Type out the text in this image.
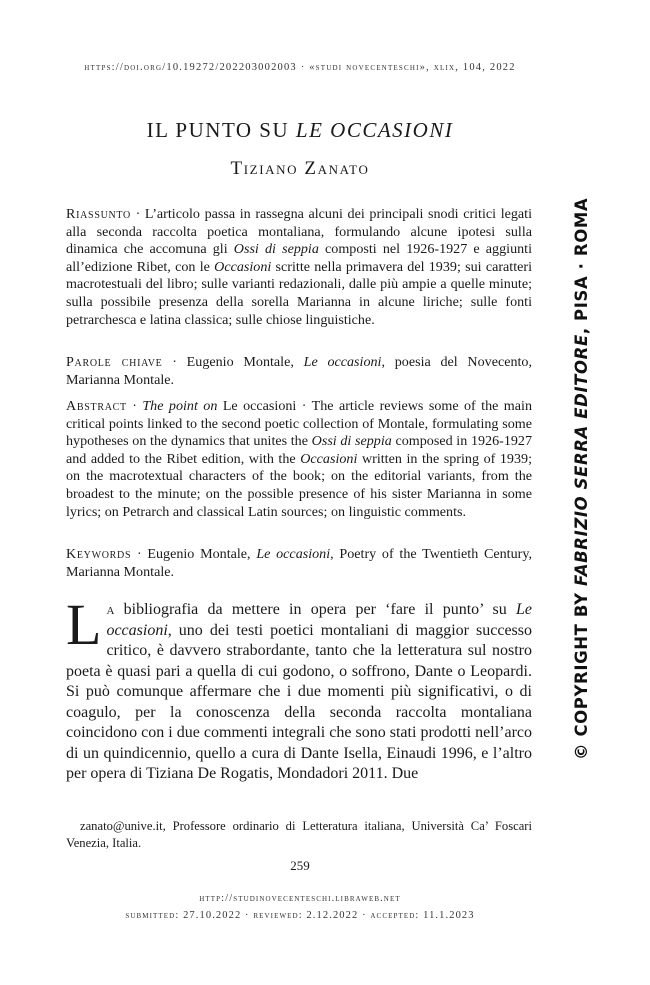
https://doi.org/10.19272/202203002003 · «studi novecenteschi», xlix, 104, 2022
IL PUNTO SU LE OCCASIONI
Tiziano Zanato
Riassunto · L’articolo passa in rassegna alcuni dei principali snodi critici legati alla seconda raccolta poetica montaliana, formulando alcune ipotesi sulla dinamica che accomuna gli Ossi di seppia composti nel 1926-1927 e aggiunti all’edizione Ribet, con le Occasioni scritte nella primavera del 1939; sui caratteri macrotestuali del libro; sulle varianti redazionali, dalle più ampie a quelle minute; sulla possibile presenza della sorella Marianna in alcune liriche; sulle fonti petrarchesca e latina classica; sulle chiose linguistiche.
Parole chiave · Eugenio Montale, Le occasioni, poesia del Novecento, Marianna Montale.
Abstract · The point on Le occasioni · The article reviews some of the main critical points linked to the second poetic collection of Montale, formulating some hypotheses on the dynamics that unites the Ossi di seppia composed in 1926-1927 and added to the Ribet edition, with the Occasioni written in the spring of 1939; on the macrotextual characters of the book; on the editorial variants, from the broadest to the minute; on the possible presence of his sister Marianna in some lyrics; on Petrarch and classical Latin sources; on linguistic comments.
Keywords · Eugenio Montale, Le occasioni, Poetry of the Twentieth Century, Marianna Montale.
La bibliografia da mettere in opera per ‘fare il punto’ su Le occasioni, uno dei testi poetici montaliani di maggior successo critico, è davvero strabordante, tanto che la letteratura sul nostro poeta è quasi pari a quella di cui godono, o soffrono, Dante o Leopardi. Si può comunque affermare che i due momenti più significativi, o di coagulo, per la conoscenza della seconda raccolta montaliana coincidono con i due commenti integrali che sono stati prodotti nell’arco di un quindicennio, quello a cura di Dante Isella, Einaudi 1996, e l’altro per opera di Tiziana De Rogatis, Mondadori 2011. Due
zanato@unive.it, Professore ordinario di Letteratura italiana, Università Ca’ Foscari Venezia, Italia.
259
http://studinovecenteschi.libraweb.net
submitted: 27.10.2022 · reviewed: 2.12.2022 · accepted: 11.1.2023
© COPYRIGHT BY FABRIZIO SERRA EDITORE, PISA · ROMA
